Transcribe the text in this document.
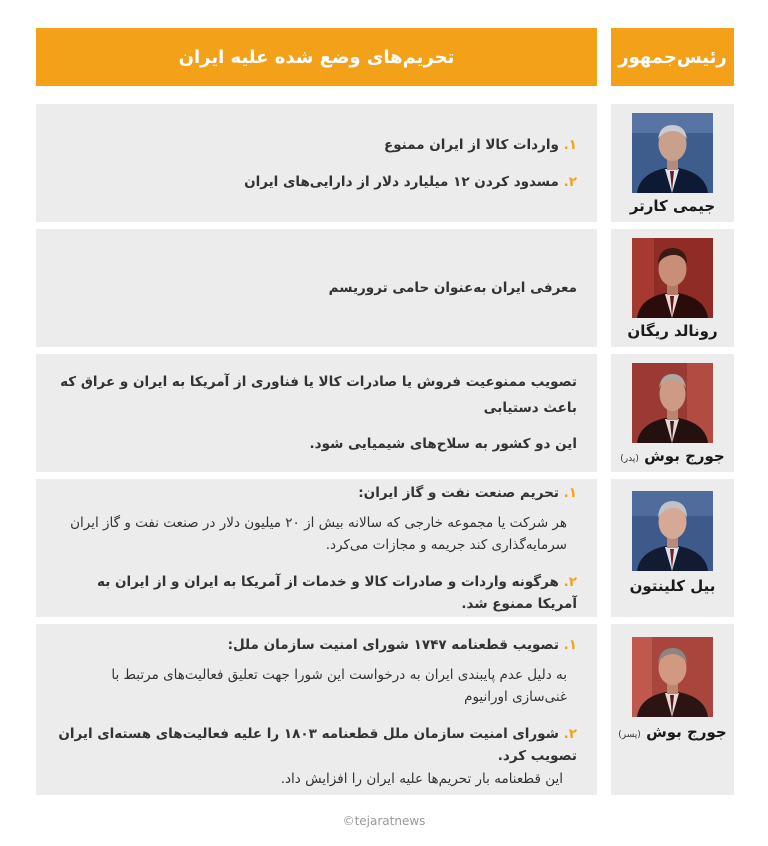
رئیس‌جمهور
تحریم‌های وضع شده علیه ایران
۱. واردات کالا از ایران ممنوع
۲. مسدود کردن ۱۲ میلیارد دلار از دارایی‌های ایران
جیمی کارتر
معرفی ایران به‌عنوان حامی تروریسم
رونالد ریگان
تصویب ممنوعیت فروش یا صادرات کالا یا فناوری از آمریکا به ایران و عراق که باعث دستیابی
این دو کشور به سلاح‌های شیمیایی شود.
جورج بوش (پدر)
۱. تحریم صنعت نفت و گاز ایران:
هر شرکت یا مجموعه خارجی که سالانه بیش از ۲۰ میلیون دلار در صنعت نفت و گاز ایران
سرمایه‌گذاری کند جریمه و مجازات می‌کرد.
۲. هرگونه واردات و صادرات کالا و خدمات از آمریکا به ایران و از ایران به آمریکا ممنوع شد.
بیل کلینتون
۱. تصویب قطعنامه ۱۷۴۷ شورای امنیت سازمان ملل:
به دلیل عدم پایبندی ایران به درخواست این شورا جهت تعلیق فعالیت‌های مرتبط با
غنی‌سازی اورانیوم
۲. شورای امنیت سازمان ملل قطعنامه ۱۸۰۳ را علیه فعالیت‌های هسته‌ای ایران تصویب کرد.
این قطعنامه بار تحریم‌ها علیه ایران را افزایش داد.
جورج بوش (پسر)
©tejaratnews
